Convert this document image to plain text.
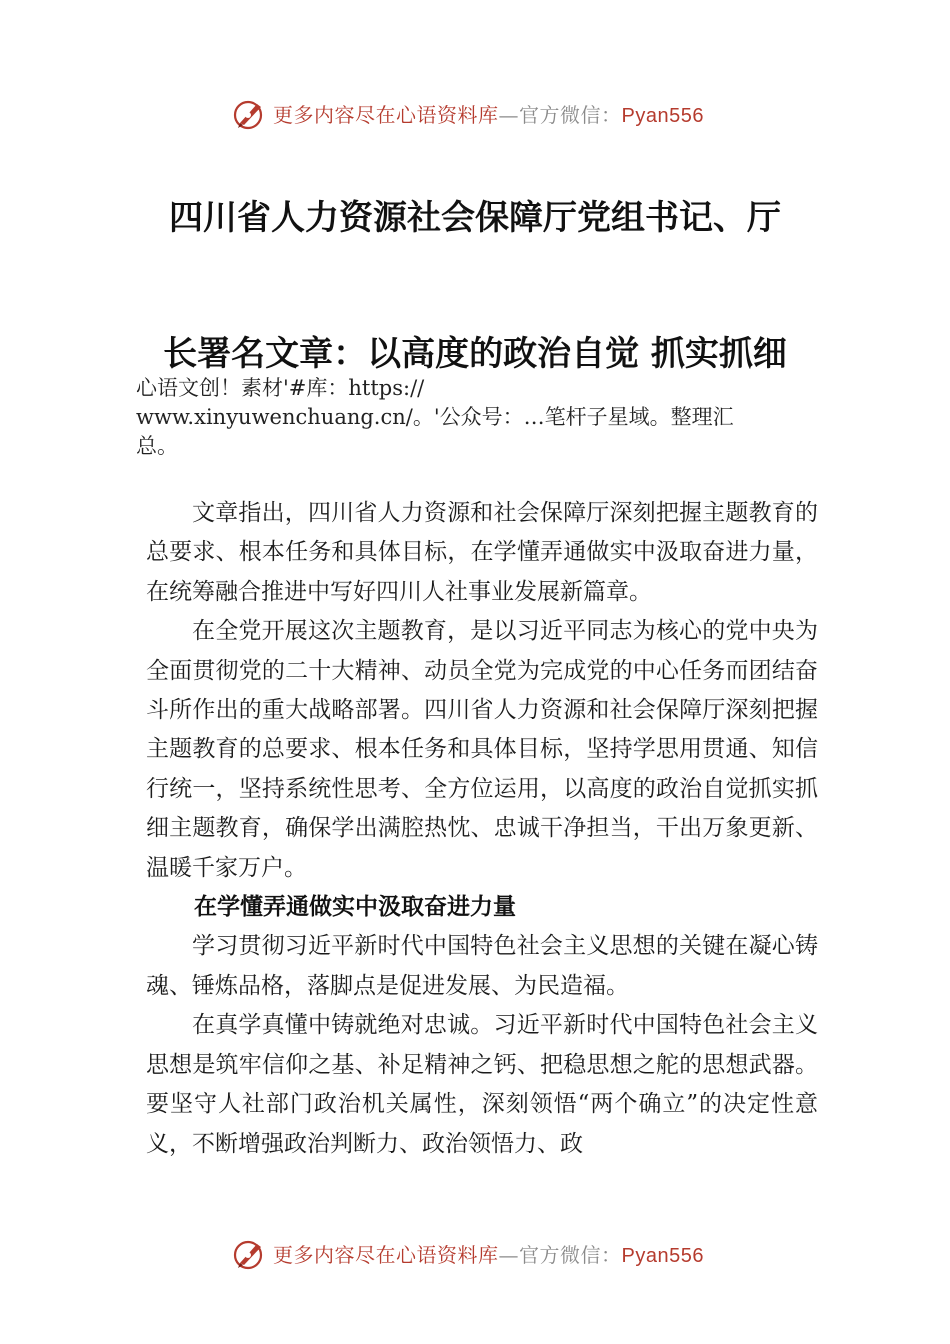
更多内容尽在心语资料库—官方微信：Pyan556
四川省人力资源社会保障厅党组书记、厅
长署名文章：以高度的政治自觉 抓实抓细
心语文创！素材'#库：https://
www.xinyuwenchuang.cn/。'公众号：…笔杆子星域。整理汇
总。

文章指出，四川省人力资源和社会保障厅深刻把握主题教育的总要求、根本任务和具体目标，在学懂弄通做实中汲取奋进力量，在统筹融合推进中写好四川人社事业发展新篇章。

在全党开展这次主题教育，是以习近平同志为核心的党中央为全面贯彻党的二十大精神、动员全党为完成党的中心任务而团结奋斗所作出的重大战略部署。四川省人力资源和社会保障厅深刻把握主题教育的总要求、根本任务和具体目标，坚持学思用贯通、知信行统一，坚持系统性思考、全方位运用，以高度的政治自觉抓实抓细主题教育，确保学出满腔热忱、忠诚干净担当，干出万象更新、温暖千家万户。

在学懂弄通做实中汲取奋进力量

学习贯彻习近平新时代中国特色社会主义思想的关键在凝心铸魂、锤炼品格，落脚点是促进发展、为民造福。

在真学真懂中铸就绝对忠诚。习近平新时代中国特色社会主义思想是筑牢信仰之基、补足精神之钙、把稳思想之舵的思想武器。要坚守人社部门政治机关属性，深刻领悟“两个确立”的决定性意义，不断增强政治判断力、政治领悟力、政

更多内容尽在心语资料库—官方微信：Pyan556
